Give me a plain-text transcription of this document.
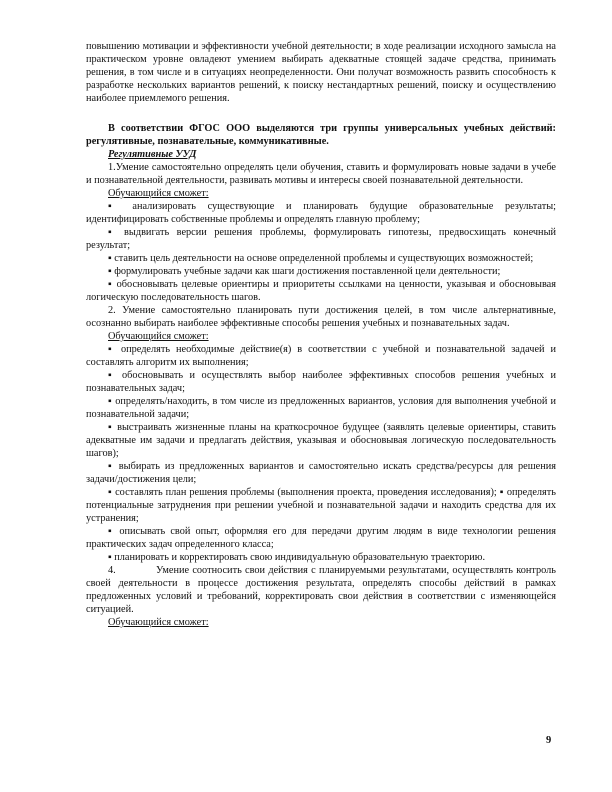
повышению мотивации и эффективности учебной деятельности; в ходе реализации исходного замысла на практическом уровне овладеют умением выбирать адекватные стоящей задаче средства, принимать решения, в том числе и в ситуациях неопределенности. Они получат возможность развить способность к разработке нескольких вариантов решений, к поиску нестандартных решений, поиску и осуществлению наиболее приемлемого решения.

В соответствии ФГОС ООО выделяются три группы универсальных учебных действий: регулятивные, познавательные, коммуникативные.

Регулятивные УУД

1.Умение самостоятельно определять цели обучения, ставить и формулировать новые задачи в учебе и познавательной деятельности, развивать мотивы и интересы своей познавательной деятельности.

Обучающийся сможет:

▪ анализировать существующие и планировать будущие образовательные результаты; идентифицировать собственные проблемы и определять главную проблему;

▪ выдвигать версии решения проблемы, формулировать гипотезы, предвосхищать конечный результат;

▪ ставить цель деятельности на основе определенной проблемы и существующих возможностей;

▪ формулировать учебные задачи как шаги достижения поставленной цели деятельности;

▪ обосновывать целевые ориентиры и приоритеты ссылками на ценности, указывая и обосновывая логическую последовательность шагов.

2. Умение самостоятельно планировать пути достижения целей, в том числе альтернативные, осознанно выбирать наиболее эффективные способы решения учебных и познавательных задач.

Обучающийся сможет:

▪ определять необходимые действие(я) в соответствии с учебной и познавательной задачей и составлять алгоритм их выполнения;

▪ обосновывать и осуществлять выбор наиболее эффективных способов решения учебных и познавательных задач;

▪ определять/находить, в том числе из предложенных вариантов, условия для выполнения учебной и познавательной задачи;

▪ выстраивать жизненные планы на краткосрочное будущее (заявлять целевые ориентиры, ставить адекватные им задачи и предлагать действия, указывая и обосновывая логическую последовательность шагов);

▪ выбирать из предложенных вариантов и самостоятельно искать средства/ресурсы для решения задачи/достижения цели;

▪ составлять план решения проблемы (выполнения проекта, проведения исследования); ▪ определять потенциальные затруднения при решении учебной и познавательной задачи и находить средства для их устранения;

▪ описывать свой опыт, оформляя его для передачи другим людям в виде технологии решения практических задач определенного класса;

▪ планировать и корректировать свою индивидуальную образовательную траекторию.

4.	Умение соотносить свои действия с планируемыми результатами, осуществлять контроль своей деятельности в процессе достижения результата, определять способы действий в рамках предложенных условий и требований, корректировать свои действия в соответствии с изменяющейся ситуацией.

Обучающийся сможет:

9
